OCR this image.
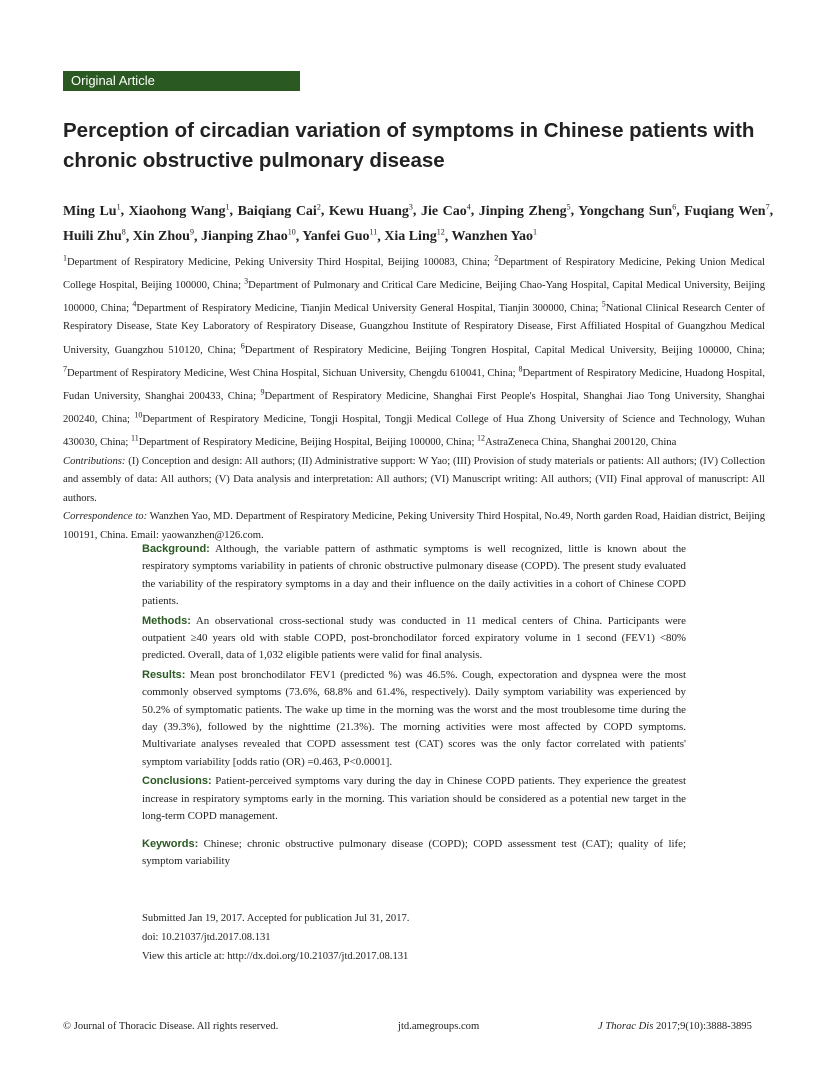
Original Article
Perception of circadian variation of symptoms in Chinese patients with chronic obstructive pulmonary disease
Ming Lu$^1$, Xiaohong Wang$^1$, Baiqiang Cai$^2$, Kewu Huang$^3$, Jie Cao$^4$, Jinping Zheng$^5$, Yongchang Sun$^6$, Fuqiang Wen$^7$, Huili Zhu$^8$, Xin Zhou$^9$, Jianping Zhao$^{10}$, Yanfei Guo$^{11}$, Xia Ling$^{12}$, Wanzhen Yao$^1$
$^1$Department of Respiratory Medicine, Peking University Third Hospital, Beijing 100083, China; $^2$Department of Respiratory Medicine, Peking Union Medical College Hospital, Beijing 100000, China; $^3$Department of Pulmonary and Critical Care Medicine, Beijing Chao-Yang Hospital, Capital Medical University, Beijing 100000, China; $^4$Department of Respiratory Medicine, Tianjin Medical University General Hospital, Tianjin 300000, China; $^5$National Clinical Research Center of Respiratory Disease, State Key Laboratory of Respiratory Disease, Guangzhou Institute of Respiratory Disease, First Affiliated Hospital of Guangzhou Medical University, Guangzhou 510120, China; $^6$Department of Respiratory Medicine, Beijing Tongren Hospital, Capital Medical University, Beijing 100000, China; $^7$Department of Respiratory Medicine, West China Hospital, Sichuan University, Chengdu 610041, China; $^8$Department of Respiratory Medicine, Huadong Hospital, Fudan University, Shanghai 200433, China; $^9$Department of Respiratory Medicine, Shanghai First People's Hospital, Shanghai Jiao Tong University, Shanghai 200240, China; $^{10}$Department of Respiratory Medicine, Tongji Hospital, Tongji Medical College of Hua Zhong University of Science and Technology, Wuhan 430030, China; $^{11}$Department of Respiratory Medicine, Beijing Hospital, Beijing 100000, China; $^{12}$AstraZeneca China, Shanghai 200120, China
Contributions: (I) Conception and design: All authors; (II) Administrative support: W Yao; (III) Provision of study materials or patients: All authors; (IV) Collection and assembly of data: All authors; (V) Data analysis and interpretation: All authors; (VI) Manuscript writing: All authors; (VII) Final approval of manuscript: All authors.
Correspondence to: Wanzhen Yao, MD. Department of Respiratory Medicine, Peking University Third Hospital, No.49, North garden Road, Haidian district, Beijing 100191, China. Email: yaowanzhen@126.com.

Background: Although, the variable pattern of asthmatic symptoms is well recognized, little is known about the respiratory symptoms variability in patients of chronic obstructive pulmonary disease (COPD). The present study evaluated the variability of the respiratory symptoms in a day and their influence on the daily activities in a cohort of Chinese COPD patients.

Methods: An observational cross-sectional study was conducted in 11 medical centers of China. Participants were outpatient ≥40 years old with stable COPD, post-bronchodilator forced expiratory volume in 1 second (FEV1) <80% predicted. Overall, data of 1,032 eligible patients were valid for final analysis.

Results: Mean post bronchodilator FEV1 (predicted %) was 46.5%. Cough, expectoration and dyspnea were the most commonly observed symptoms (73.6%, 68.8% and 61.4%, respectively). Daily symptom variability was experienced by 50.2% of symptomatic patients. The wake up time in the morning was the worst and the most troublesome time during the day (39.3%), followed by the nighttime (21.3%). The morning activities were most affected by COPD symptoms. Multivariate analyses revealed that COPD assessment test (CAT) scores was the only factor correlated with patients' symptom variability [odds ratio (OR) =0.463, P<0.0001].

Conclusions: Patient-perceived symptoms vary during the day in Chinese COPD patients. They experience the greatest increase in respiratory symptoms early in the morning. This variation should be considered as a potential new target in the long-term COPD management.

Keywords: Chinese; chronic obstructive pulmonary disease (COPD); COPD assessment test (CAT); quality of life; symptom variability

Submitted Jan 19, 2017. Accepted for publication Jul 31, 2017.
doi: 10.21037/jtd.2017.08.131
View this article at: http://dx.doi.org/10.21037/jtd.2017.08.131
© Journal of Thoracic Disease. All rights reserved.	jtd.amegroups.com	J Thorac Dis 2017;9(10):3888-3895
